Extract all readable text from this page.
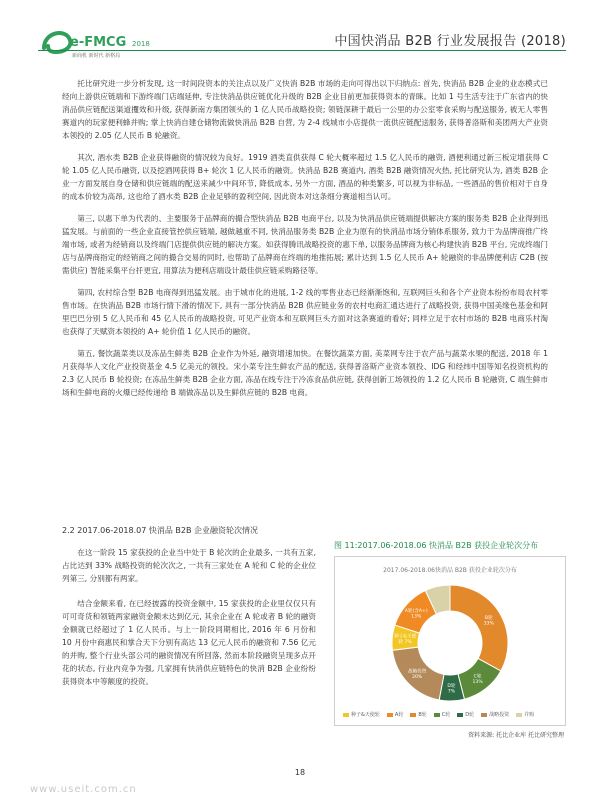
e-FMCG 2018
新商机 新时代 新格局
中国快消品 B2B 行业发展报告 (2018)

托比研究进一步分析发现, 这一时间段资本的关注点以及广义快消 B2B 市场的走向可得出以下归纳点: 首先, 快消品 B2B 企业的业态模式已经向上游供应链端和下游终端门店端延伸, 专注快消品供应链优化升级的 B2B 企业目前更加获得资本的青睐。比如 1 号生活专注于广东省内的快消品供应链配送渠道攫效和升级, 获得新南方集团领头的 1 亿人民币战略投资; 领链深耕于最后一公里的办公室零食采购与配送服务, 被无人零售赛道内的玩家便利蜂并购; 掌上快消自建仓储物流做快消品 B2B 自营, 为 2-4 线城市小店提供一流供应链配送服务, 获得普洛斯和美团两大产业资本领投的 2.05 亿人民币 B 轮融资。

其次, 酒水类 B2B 企业获得融资的情况较为良好。1919 酒类直供获得 C 轮大概率超过 1.5 亿人民币的融资, 酒便利通过新三板定增获得 C 轮 1.05 亿人民币融资, 以及挖酒网获得 B+ 轮次 1 亿人民币的融资。快消品 B2B 赛道内, 酒类 B2B 融资情况火热, 托比研究认为, 酒类 B2B 企业一方面发展自身仓储和供应链端的配送来减少中间环节, 降低成本, 另外一方面, 酒品的种类繁多, 可以视为非标品, 一些酒品的售价相对于自身的成本价较为高昂, 这也给了酒水类 B2B 企业足够的盈利空间, 因此资本对这条细分赛道相当认可。

第三, 以惠下单为代表的、主要服务于品牌商的撮合型快消品 B2B 电商平台, 以及为快消品供应链端提供解决方案的服务类 B2B 企业得到迅猛发展。与前面的一些企业直接管控供应链端, 越做越重不同, 快消品服务类 B2B 企业为原有的快消品市场分销体系服务, 致力于为品牌商推广终端市场, 或者为经销商以及终端门店提供供应链的解决方案。如获得腾讯战略投资的惠下单, 以服务品牌商为核心构建快消 B2B 平台, 完成终端门店与品牌商指定的经销商之间的撮合交易的同时, 也帮助了品牌商在终端的地推拓展; 累计达到 1.5 亿人民币 A+ 轮融资的非品牌便利店 C2B (按需供应) 智能采集平台扦更宜, 用算法为便利店端设计最佳供应链采购路径等。

第四, 农村综合型 B2B 电商得到迅猛发展。由于城市化的进展, 1-2 线的零售业态已经渐渐饱和, 互联网巨头和各个产业资本纷纷布局农村零售市场。在快消品 B2B 市场行情下滑的情况下, 具有一部分快消品 B2B 供应链业务的农村电商汇通达进行了战略投资, 获得中国美缘色基金和阿里巴巴分别 5 亿人民币和 45 亿人民币的战略投资, 可见产业资本和互联网巨头方面对这条赛道的看好; 同样立足于农村市场的 B2B 电商乐村淘也获得了天赋资本领投的 A+ 轮价值 1 亿人民币的融资。

第五, 餐饮蔬菜类以及冻品生鲜类 B2B 企业作为外延, 融资增速加快。在餐饮蔬菜方面, 美菜网专注于农产品与蔬菜水果的配送, 2018 年 1 月获得华人文化产业投资基金 4.5 亿美元的领投。宋小菜专注生鲜农产品的配送, 获得普洛斯产业资本领投、IDG 和经纬中国等知名投资机构的 2.3 亿人民币 B 轮投资; 在冻品生鲜类 B2B 企业方面, 冻品在线专注于冷冻食品供应链, 获得创新工场领投的 1.2 亿人民币 B 轮融资, C 端生鲜市场和生鲜电商的火爆已经传递给 B 端做冻品以及生鲜供应链的 B2B 电商。

2.2 2017.06-2018.07 快消品 B2B 企业融资轮次情况

在这一阶段 15 家获投的企业当中处于 B 轮次的企业最多, 一共有五家, 占比达到 33% 战略投资的轮次次之, 一共有三家处在 A 轮和 C 轮的企业位列第三, 分别都有两家。

结合金额来看, 在已经披露的投资金额中, 15 家获投的企业里仅仅只有可可奇货和领链两家融资金额未达到亿元, 其余企业在 A 轮或者 B 轮的融资金额就已经超过了 1 亿人民币。与上一阶段同期相比, 2016 年 6 月份和 10 月份中商惠民和掌合天下分别有高达 13 亿元人民币的融资和 7.56 亿元的并购, 整个行业头部公司的融资情况有所回落, 然而本阶段融资呈现多点开花的状态, 行业内竞争为强, 几家拥有快消供应链特色的快消 B2B 企业纷纷获得资本中等额度的投资。

图 11:2017.06-2018.06 快消品 B2B 获投企业轮次分布
2017.06-2018.06快消品 B2B 获投企业轮次分布
B轮 33%
C轮 13%
D轮 7%
战略投资 20%
种子&天使轮 7%
A轮(含A+) 13%
种子&天使轮	A轮	B轮	C轮	D轮	战略投资	并购
资料来源: 托比企业库 托比研究整理
18
www.useit.com.cn
